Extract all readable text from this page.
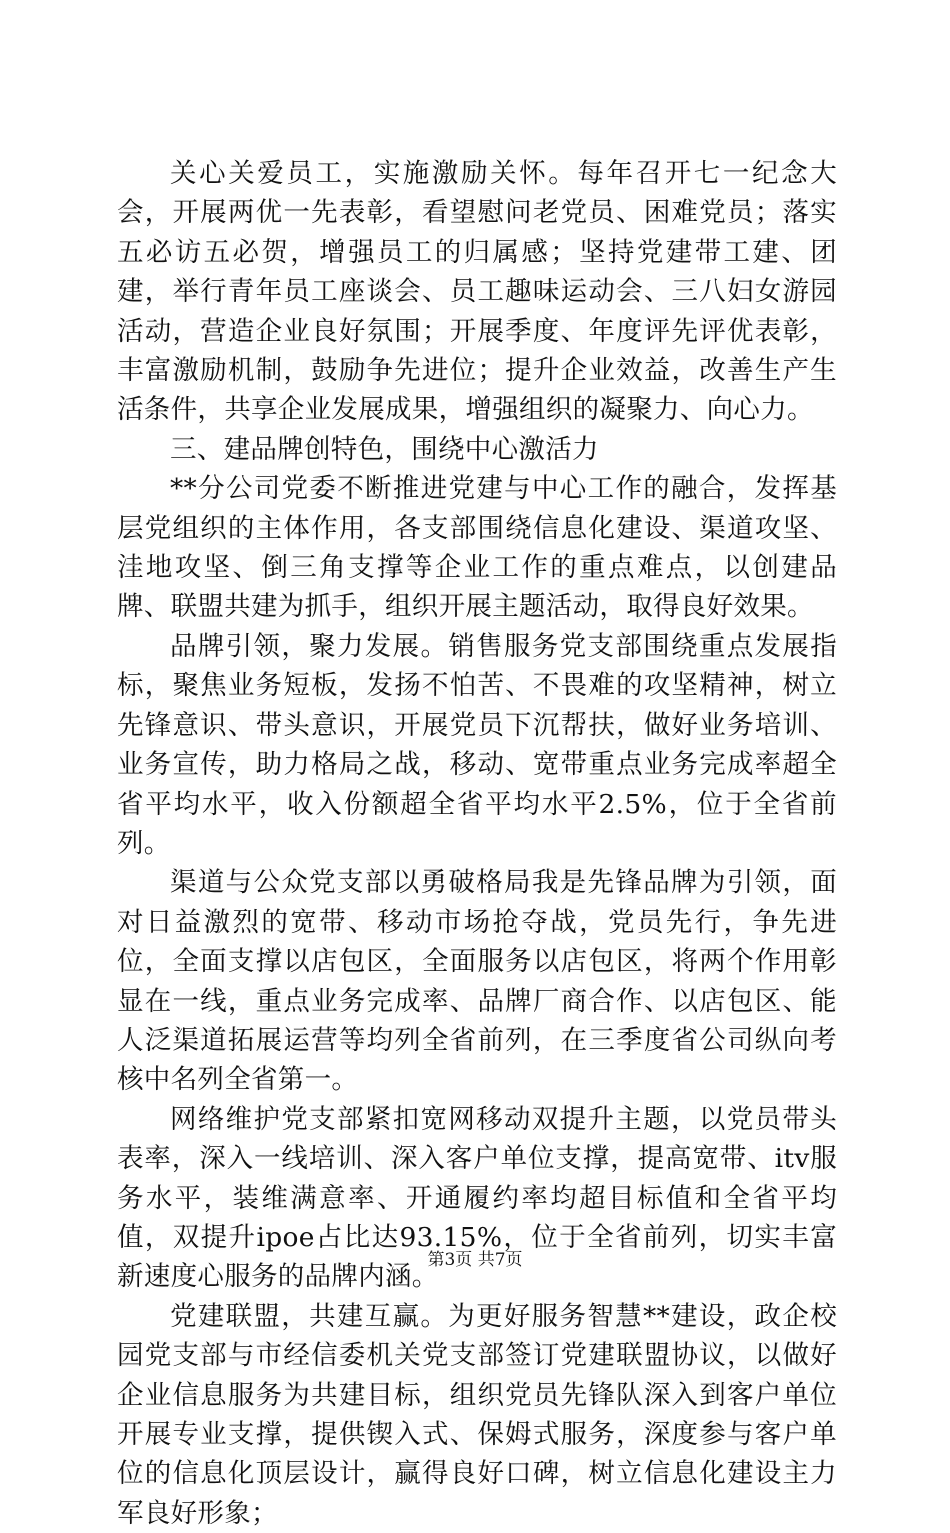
关心关爱员工，实施激励关怀。每年召开七一纪念大会，开展两优一先表彰，看望慰问老党员、困难党员；落实五必访五必贺，增强员工的归属感；坚持党建带工建、团建，举行青年员工座谈会、员工趣味运动会、三八妇女游园活动，营造企业良好氛围；开展季度、年度评先评优表彰，丰富激励机制，鼓励争先进位；提升企业效益，改善生产生活条件，共享企业发展成果，增强组织的凝聚力、向心力。

三、建品牌创特色，围绕中心激活力

**分公司党委不断推进党建与中心工作的融合，发挥基层党组织的主体作用，各支部围绕信息化建设、渠道攻坚、洼地攻坚、倒三角支撑等企业工作的重点难点，以创建品牌、联盟共建为抓手，组织开展主题活动，取得良好效果。

品牌引领，聚力发展。销售服务党支部围绕重点发展指标，聚焦业务短板，发扬不怕苦、不畏难的攻坚精神，树立先锋意识、带头意识，开展党员下沉帮扶，做好业务培训、业务宣传，助力格局之战，移动、宽带重点业务完成率超全省平均水平，收入份额超全省平均水平2.5%，位于全省前列。

渠道与公众党支部以勇破格局我是先锋品牌为引领，面对日益激烈的宽带、移动市场抢夺战，党员先行，争先进位，全面支撑以店包区，全面服务以店包区，将两个作用彰显在一线，重点业务完成率、品牌厂商合作、以店包区、能人泛渠道拓展运营等均列全省前列，在三季度省公司纵向考核中名列全省第一。

网络维护党支部紧扣宽网移动双提升主题，以党员带头表率，深入一线培训、深入客户单位支撑，提高宽带、itv服务水平，装维满意率、开通履约率均超目标值和全省平均值，双提升ipoe占比达93.15%，位于全省前列，切实丰富新速度心服务的品牌内涵。

党建联盟，共建互赢。为更好服务智慧**建设，政企校园党支部与市经信委机关党支部签订党建联盟协议，以做好企业信息服务为共建目标，组织党员先锋队深入到客户单位开展专业支撑，提供锲入式、保姆式服务，深度参与客户单位的信息化顶层设计，赢得良好口碑，树立信息化建设主力军良好形象；

第3页 共7页
